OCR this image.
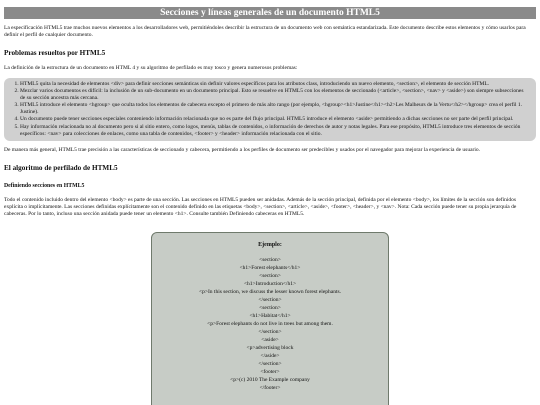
Secciones y líneas generales de un documento HTML5

La especificación HTML5 trae muchos nuevos elementos a los desarrolladores web, permitiéndoles describir la estructura de un documento web con semántica estandarizada. Este documento describe estos elementos y cómo usarlos para definir el perfil de cualquier documento.

Problemas resueltos por HTML5

La definición de la estructura de un documento en HTML 4 y su algoritmo de perfilado es muy tosco y genera numerosos problemas:

1. HTML5 quita la necesidad de elementos <div> para definir secciones semánticas sin definir valores específicos para los atributos class, introduciendo un nuevo elemento, <section>, el elemento de sección HTML.
2. Mezclar varios documentos es difícil: la inclusión de un sub-documento en un documento principal. Esto se resuelve en HTML5 con los elementos de seccionado (<article>, <section>, <nav> y <aside>) son siempre subsecciones de su sección ancestra más cercana.
3. HTML5 introduce el elemento <hgroup> que oculta todos los elementos de cabecera excepto el primero de más alto rango (por ejemplo, <hgroup><h1>Justine</h1><h2>Les Malheurs de la Vertu</h2></hgroup> crea el perfil 1. Justine).
4. Un documento puede tener secciones especiales conteniendo información relacionada que no es parte del flujo principal. HTML5 introduce el elemento <aside> permitiendo a dichas secciones no ser parte del perfil principal.
5. Hay información relacionada no al documento pero si al sitio entero, como logos, menús, tablas de contenidos, o información de derechos de autor y notas legales. Para ese propósito, HTML5 introduce tres elementos de sección específicos: <nav> para colecciones de enlaces, como una tabla de contenidos, <footer> y <header> información relacionada con el sitio.

De manera más general, HTML5 trae precisión a las características de seccionado y cabecera, permitiendo a los perfiles de documento ser predecibles y usados por el navegador para mejorar la experiencia de usuario.

El algoritmo de perfilado de HTML5
Definiendo secciones en HTML5

Todo el contenido incluido dentro del elemento <body> es parte de una sección. Las secciones en HTML5 pueden ser anidadas. Además de la sección principal, definida por el elemento <body>, los límites de la sección son definidos explícita o implícitamente. Las secciones definidas explícitamente son el contenido definido en las etiquetas <body>, <section>, <article>, <aside>, <footer>, <header>, y <nav>. Nota: Cada sección puede tener su propia jerarquía de cabeceras. Por lo tanto, incluso una sección anidada puede tener un elemento <h1>. Consulte también Definiendo cabeceras en HTML5.

Ejemplo:
<section>
<h1>Forest elephants</h1>
<section>
<h1>Introduction</h1>
<p>In this section, we discuss the lesser known forest elephants.
</section>
<section>
<h1>Habitat</h1>
<p>Forest elephants do not live in trees but among them.
</section>
<aside>
<p>advertising block
</aside>
</section>
<footer>
<p>(c) 2010 The Example company
</footer>
